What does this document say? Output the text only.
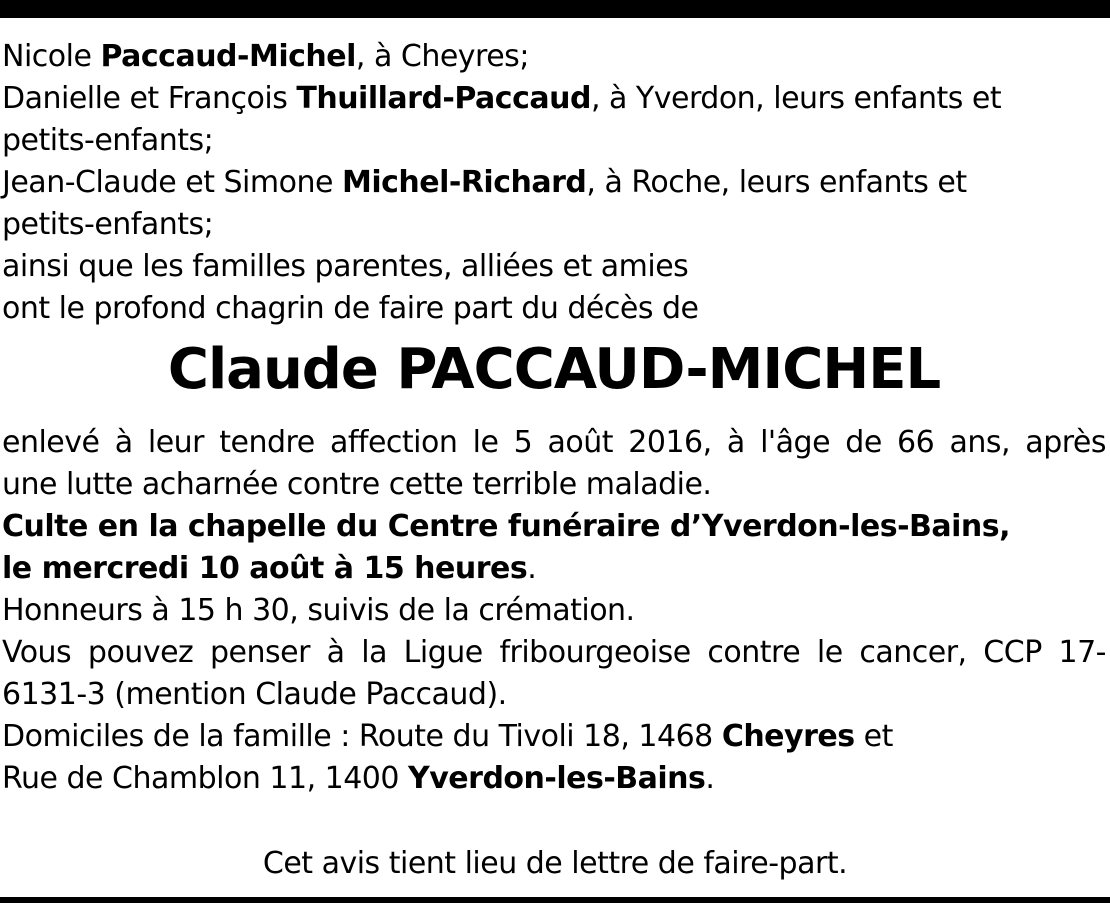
Nicole Paccaud-Michel, à Cheyres;
Danielle et François Thuillard-Paccaud, à Yverdon, leurs enfants et
petits-enfants;
Jean-Claude et Simone Michel-Richard, à Roche, leurs enfants et
petits-enfants;
ainsi que les familles parentes, alliées et amies
ont le profond chagrin de faire part du décès de
Claude PACCAUD-MICHEL
enlevé à leur tendre affection le 5 août 2016, à l'âge de 66 ans, après
une lutte acharnée contre cette terrible maladie.
Culte en la chapelle du Centre funéraire d’Yverdon-les-Bains,
le mercredi 10 août à 15 heures.
Honneurs à 15 h 30, suivis de la crémation.
Vous pouvez penser à la Ligue fribourgeoise contre le cancer, CCP 17-
6131-3 (mention Claude Paccaud).
Domiciles de la famille : Route du Tivoli 18, 1468 Cheyres et
Rue de Chamblon 11, 1400 Yverdon-les-Bains.
Cet avis tient lieu de lettre de faire-part.
